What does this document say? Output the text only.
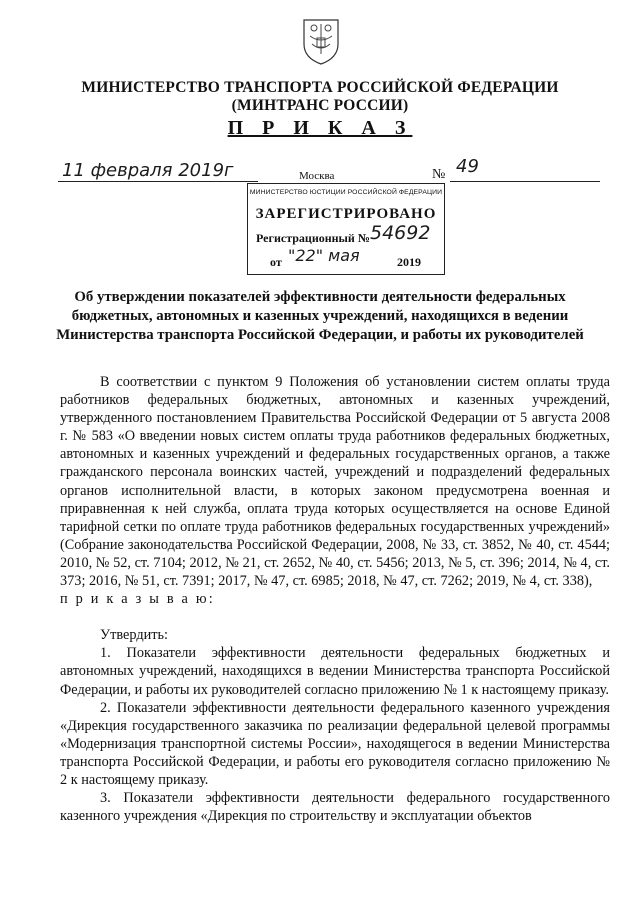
МИНИСТЕРСТВО ТРАНСПОРТА РОССИЙСКОЙ ФЕДЕРАЦИИ
(МИНТРАНС РОССИИ)
П Р И К А З
11 февраля 2019г	Москва	№ 49
МИНИСТЕРСТВО ЮСТИЦИИ РОССИЙСКОЙ ФЕДЕРАЦИИ
ЗАРЕГИСТРИРОВАНО
Регистрационный № 54692
от "22" мая	2019
Об утверждении показателей эффективности деятельности федеральных бюджетных, автономных и казенных учреждений, находящихся в ведении Министерства транспорта Российской Федерации, и работы их руководителей

В соответствии с пунктом 9 Положения об установлении систем оплаты труда работников федеральных бюджетных, автономных и казенных учреждений, утвержденного постановлением Правительства Российской Федерации от 5 августа 2008 г. № 583 «О введении новых систем оплаты труда работников федеральных бюджетных, автономных и казенных учреждений и федеральных государственных органов, а также гражданского персонала воинских частей, учреждений и подразделений федеральных органов исполнительной власти, в которых законом предусмотрена военная и приравненная к ней служба, оплата труда которых осуществляется на основе Единой тарифной сетки по оплате труда работников федеральных государственных учреждений» (Собрание законодательства Российской Федерации, 2008, № 33, ст. 3852, № 40, ст. 4544; 2010, № 52, ст. 7104; 2012, № 21, ст. 2652, № 40, ст. 5456; 2013, № 5, ст. 396; 2014, № 4, ст. 373; 2016, № 51, ст. 7391; 2017, № 47, ст. 6985; 2018, № 47, ст. 7262; 2019, № 4, ст. 338),

п р и к а з ы в а ю:

Утвердить:

1. Показатели эффективности деятельности федеральных бюджетных и автономных учреждений, находящихся в ведении Министерства транспорта Российской Федерации, и работы их руководителей согласно приложению № 1 к настоящему приказу.

2. Показатели эффективности деятельности федерального казенного учреждения «Дирекция государственного заказчика по реализации федеральной целевой программы «Модернизация транспортной системы России», находящегося в ведении Министерства транспорта Российской Федерации, и работы его руководителя согласно приложению № 2 к настоящему приказу.

3. Показатели эффективности деятельности федерального государственного казенного учреждения «Дирекция по строительству и эксплуатации объектов
